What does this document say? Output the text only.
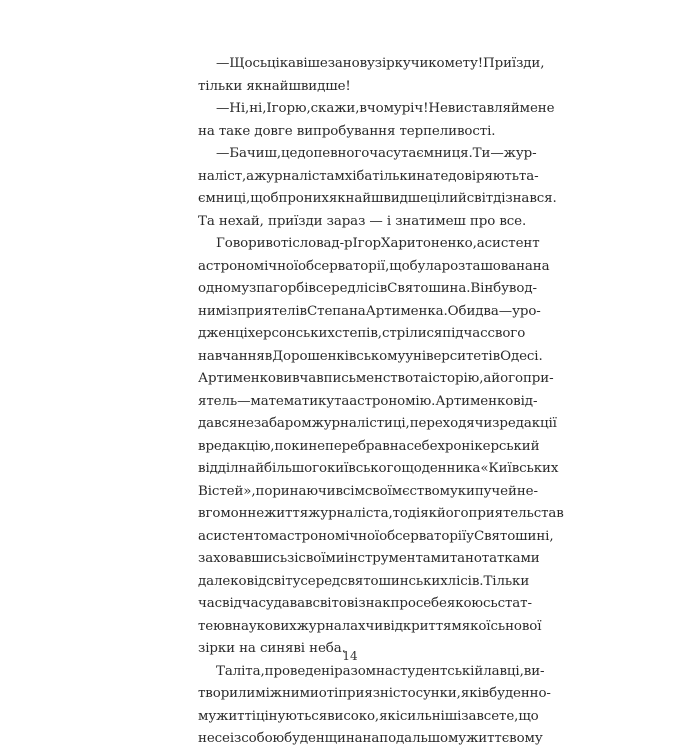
— Щось цікавіше за нову зірку чи комету! Приїзди,
тільки якнайшвидше!
— Ні, ні, Ігорю, скажи, в чому річ! Не виставляй мене
на таке довге випробування терпеливості.
— Бачиш, це до певного часу таємниця. Ти — жур-
наліст, а журналістам хіба тільки на те довіряють та-
ємниці, щоб про них якнайшвидше цілий світ дізнався.
Та нехай, приїзди зараз — і знатимеш про все.
Говорив оті слова д-р Ігор Харитоненко, асистент
астрономічної обсерваторії, що була розташована на
одному з пагорбів серед лісів Святошина. Він був од-
ним із приятелів Степана Артименка. Обидва — уро-
дженці херсонських степів, стрілися під час свого
навчання в Дорошенківському університеті в Одесі.
Артименко вивчав письменство та історію, а його при-
ятель — математику та астрономію. Артименко від-
дався незабаром журналістиці, переходячи з редакції
в редакцію, поки не перебрав на себе хронікерський
відділ найбільшого київського щоденника «Київських
Вістей», поринаючи всім своїм єством у кипуче й не-
вгомонне життя журналіста, тоді як його приятель став
асистентом астрономічної обсерваторії у Святошині,
заховавшись зі своїми інструментами та нотатками
далеко від світу серед святошинських лісів. Тільки
час від часу давав світові знак про себе якоюсь стат-
тею в наукових журналах чи відкриттям якоїсь нової
зірки на синяві неба.
Та літа, проведені разом на студентській лавці, ви-
творили між ними оті приязні стосунки, які в буденно-
му житті цінуються високо, які сильніші за все те, що
несе із собою буденщина на подальшому життєвому
14
